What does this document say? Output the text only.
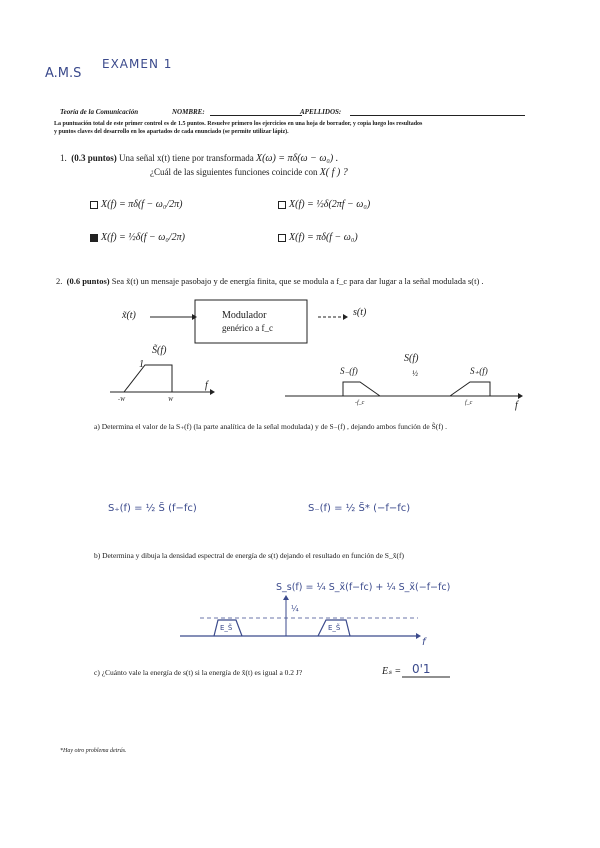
A.M.S
EXAMEN 1
Teoría de la Comunicación	NOMBRE:	APELLIDOS:
La puntuación total de este primer control es de 1.5 puntos. Resuelve primero los ejercicios en una hoja de borrador, y copia luego los resultados
y puntos claves del desarrollo en los apartados de cada enunciado (se permite utilizar lápiz).
1. (0.3 puntos) Una señal x(t) tiene por transformada X(ω) = πδ(ω − ω₀) .
¿Cuál de las siguientes funciones coincide con X( f ) ?
X(f) = πδ(f − ω₀/2π)	X(f) = ½δ(2πf − ω₀)
X(f) = ½δ(f − ω₀/2π)	X(f) = πδ(f − ω₀)
2. (0.6 puntos) Sea x̃(t) un mensaje pasobajo y de energía finita, que se modula a f_c para dar lugar a la señal modulada s(t) .
x̃(t)	Modulador
genérico a f_c
s(t)
S̃(f)
1
f
-W	W
S(f)
½
S₋(f)	S₊(f)
-f_c	f_c	f
a) Determina el valor de la S₊(f) (la parte analítica de la señal modulada) y de S₋(f) , dejando ambos función de S̃(f) .
S₊(f) = ½ S̃ (f−fc)	S₋(f) = ½ S̃* (−f−fc)
b) Determina y dibuja la densidad espectral de energía de s(t) dejando el resultado en función de S_x̃(f)
S_s(f) = ¼ S_x̃(f−fc) + ¼ S_x̃(−f−fc)
¼
E_S̃	E_S̃
f
c) ¿Cuánto vale la energía de s(t) si la energía de x̃(t) es igual a 0.2 J?	Eₛ = 0'1
*Hay otro problema detrás.
